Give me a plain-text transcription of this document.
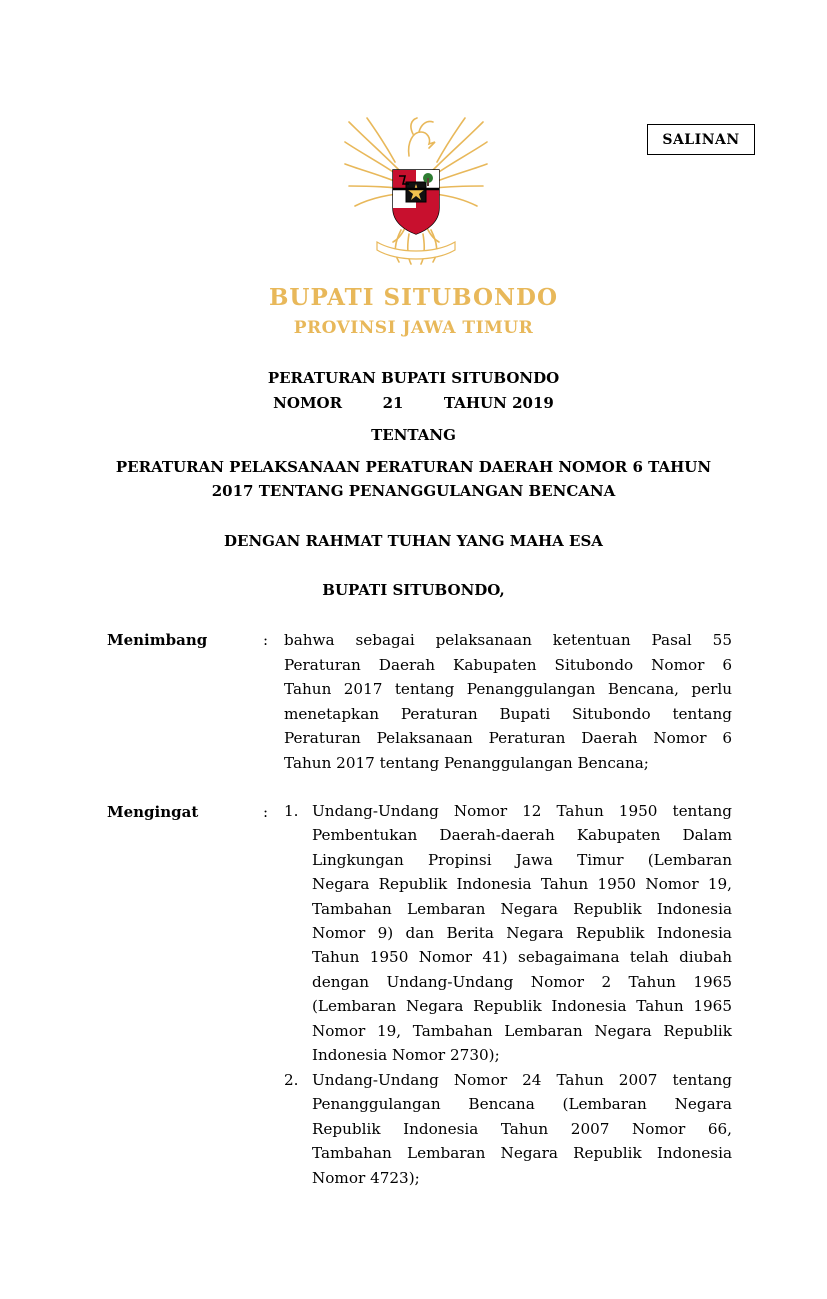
SALINAN
BUPATI SITUBONDO
PROVINSI JAWA TIMUR
PERATURAN BUPATI SITUBONDO
NOMOR	21	TAHUN 2019
TENTANG
PERATURAN PELAKSANAAN PERATURAN DAERAH NOMOR 6 TAHUN
2017 TENTANG PENANGGULANGAN BENCANA
DENGAN RAHMAT TUHAN YANG MAHA ESA
BUPATI SITUBONDO,
Menimbang	: bahwa sebagai pelaksanaan ketentuan Pasal 55
Peraturan Daerah Kabupaten Situbondo Nomor 6
Tahun 2017 tentang Penanggulangan Bencana, perlu
menetapkan Peraturan Bupati Situbondo tentang
Peraturan Pelaksanaan Peraturan Daerah Nomor 6
Tahun 2017 tentang Penanggulangan Bencana;
Mengingat	: 1. Undang-Undang Nomor 12 Tahun 1950 tentang
Pembentukan Daerah-daerah Kabupaten Dalam
Lingkungan Propinsi Jawa Timur (Lembaran
Negara Republik Indonesia Tahun 1950 Nomor 19,
Tambahan Lembaran Negara Republik Indonesia
Nomor 9) dan Berita Negara Republik Indonesia
Tahun 1950 Nomor 41) sebagaimana telah diubah
dengan Undang-Undang Nomor 2 Tahun 1965
(Lembaran Negara Republik Indonesia Tahun 1965
Nomor 19, Tambahan Lembaran Negara Republik
Indonesia Nomor 2730);
2. Undang-Undang Nomor 24 Tahun 2007 tentang
Penanggulangan Bencana (Lembaran Negara
Republik Indonesia Tahun 2007 Nomor 66,
Tambahan Lembaran Negara Republik Indonesia
Nomor 4723);
